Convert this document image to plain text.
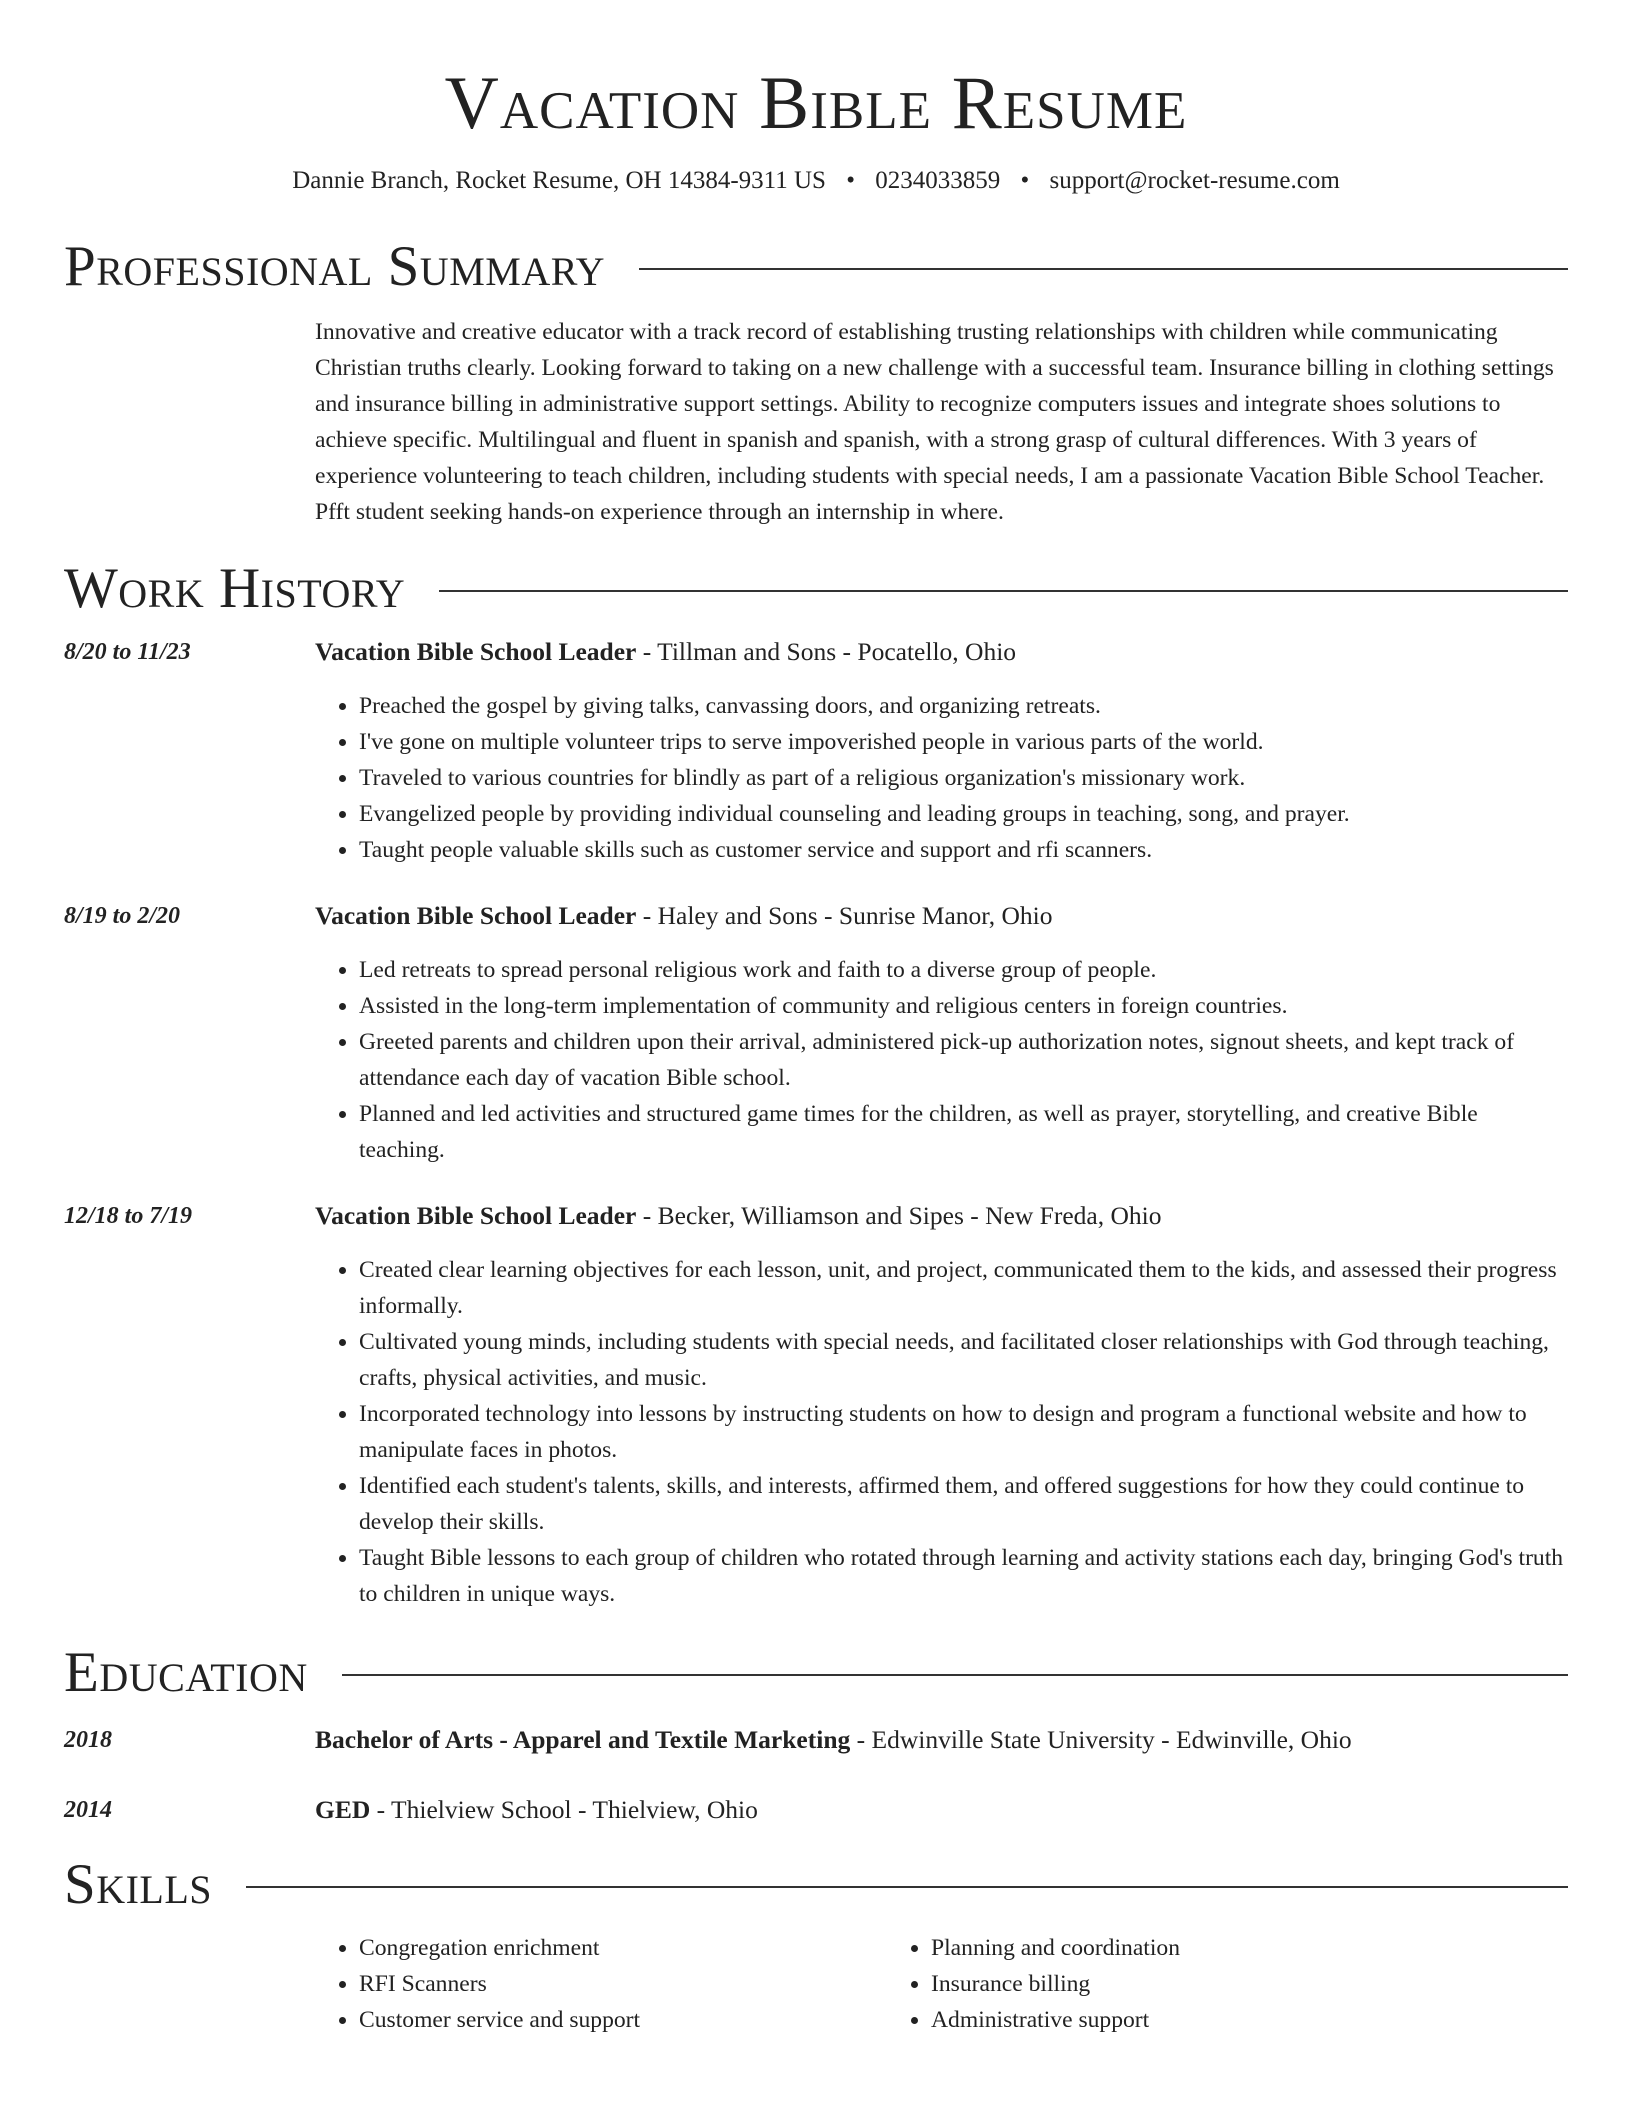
Vacation Bible Resume
Dannie Branch, Rocket Resume, OH 14384-9311 US • 0234033859 • support@rocket-resume.com
Professional Summary
Innovative and creative educator with a track record of establishing trusting relationships with children while communicating Christian truths clearly. Looking forward to taking on a new challenge with a successful team. Insurance billing in clothing settings and insurance billing in administrative support settings. Ability to recognize computers issues and integrate shoes solutions to achieve specific. Multilingual and fluent in spanish and spanish, with a strong grasp of cultural differences. With 3 years of experience volunteering to teach children, including students with special needs, I am a passionate Vacation Bible School Teacher. Pfft student seeking hands-on experience through an internship in where.
Work History
8/20 to 11/23	Vacation Bible School Leader - Tillman and Sons - Pocatello, Ohio
• Preached the gospel by giving talks, canvassing doors, and organizing retreats.
• I've gone on multiple volunteer trips to serve impoverished people in various parts of the world.
• Traveled to various countries for blindly as part of a religious organization's missionary work.
• Evangelized people by providing individual counseling and leading groups in teaching, song, and prayer.
• Taught people valuable skills such as customer service and support and rfi scanners.
8/19 to 2/20	Vacation Bible School Leader - Haley and Sons - Sunrise Manor, Ohio
• Led retreats to spread personal religious work and faith to a diverse group of people.
• Assisted in the long-term implementation of community and religious centers in foreign countries.
• Greeted parents and children upon their arrival, administered pick-up authorization notes, signout sheets, and kept track of attendance each day of vacation Bible school.
• Planned and led activities and structured game times for the children, as well as prayer, storytelling, and creative Bible teaching.
12/18 to 7/19	Vacation Bible School Leader - Becker, Williamson and Sipes - New Freda, Ohio
• Created clear learning objectives for each lesson, unit, and project, communicated them to the kids, and assessed their progress informally.
• Cultivated young minds, including students with special needs, and facilitated closer relationships with God through teaching, crafts, physical activities, and music.
• Incorporated technology into lessons by instructing students on how to design and program a functional website and how to manipulate faces in photos.
• Identified each student's talents, skills, and interests, affirmed them, and offered suggestions for how they could continue to develop their skills.
• Taught Bible lessons to each group of children who rotated through learning and activity stations each day, bringing God's truth to children in unique ways.
Education
2018	Bachelor of Arts - Apparel and Textile Marketing - Edwinville State University - Edwinville, Ohio
2014	GED - Thielview School - Thielview, Ohio
Skills
• Congregation enrichment
• RFI Scanners
• Customer service and support
• Planning and coordination
• Insurance billing
• Administrative support
